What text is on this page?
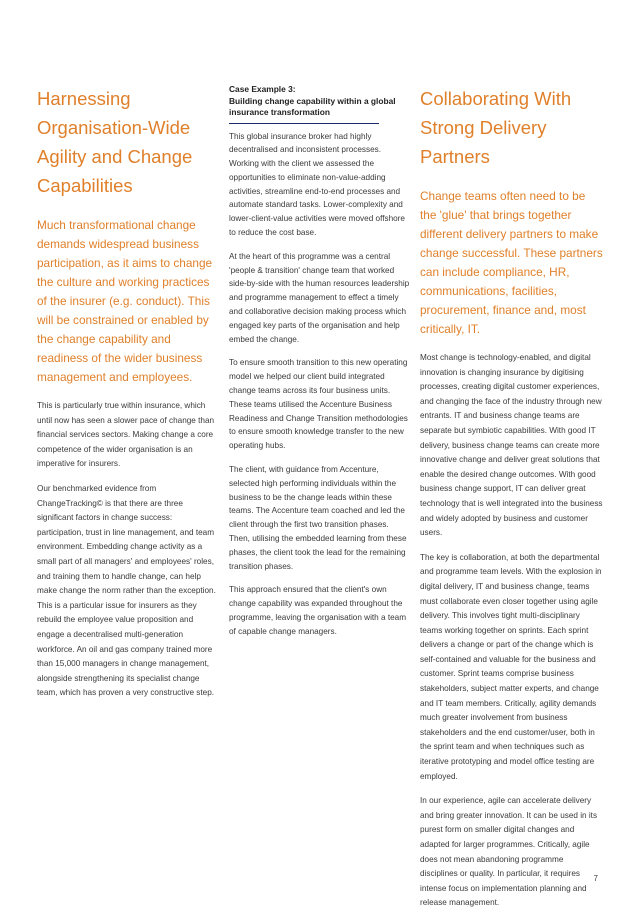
Harnessing Organisation-Wide Agility and Change Capabilities

Much transformational change demands widespread business participation, as it aims to change the culture and working practices of the insurer (e.g. conduct). This will be constrained or enabled by the change capability and readiness of the wider business management and employees.

This is particularly true within insurance, which until now has seen a slower pace of change than financial services sectors. Making change a core competence of the wider organisation is an imperative for insurers.

Our benchmarked evidence from ChangeTracking© is that there are three significant factors in change success: participation, trust in line management, and team environment. Embedding change activity as a small part of all managers' and employees' roles, and training them to handle change, can help make change the norm rather than the exception. This is a particular issue for insurers as they rebuild the employee value proposition and engage a decentralised multi-generation workforce. An oil and gas company trained more than 15,000 managers in change management, alongside strengthening its specialist change team, which has proven a very constructive step.

Case Example 3:

Building change capability within a global insurance transformation

This global insurance broker had highly decentralised and inconsistent processes. Working with the client we assessed the opportunities to eliminate non-value-adding activities, streamline end-to-end processes and automate standard tasks. Lower-complexity and lower-client-value activities were moved offshore to reduce the cost base.

At the heart of this programme was a central 'people & transition' change team that worked side-by-side with the human resources leadership and programme management to effect a timely and collaborative decision making process which engaged key parts of the organisation and help embed the change.

To ensure smooth transition to this new operating model we helped our client build integrated change teams across its four business units. These teams utilised the Accenture Business Readiness and Change Transition methodologies to ensure smooth knowledge transfer to the new operating hubs.

The client, with guidance from Accenture, selected high performing individuals within the business to be the change leads within these teams. The Accenture team coached and led the client through the first two transition phases. Then, utilising the embedded learning from these phases, the client took the lead for the remaining transition phases.

This approach ensured that the client's own change capability was expanded throughout the programme, leaving the organisation with a team of capable change managers.

Collaborating With Strong Delivery Partners

Change teams often need to be the 'glue' that brings together different delivery partners to make change successful. These partners can include compliance, HR, communications, facilities, procurement, finance and, most critically, IT.

Most change is technology-enabled, and digital innovation is changing insurance by digitising processes, creating digital customer experiences, and changing the face of the industry through new entrants. IT and business change teams are separate but symbiotic capabilities. With good IT delivery, business change teams can create more innovative change and deliver great solutions that enable the desired change outcomes. With good business change support, IT can deliver great technology that is well integrated into the business and widely adopted by business and customer users.

The key is collaboration, at both the departmental and programme team levels. With the explosion in digital delivery, IT and business change, teams must collaborate even closer together using agile delivery. This involves tight multi-disciplinary teams working together on sprints. Each sprint delivers a change or part of the change which is self-contained and valuable for the business and customer. Sprint teams comprise business stakeholders, subject matter experts, and change and IT team members. Critically, agility demands much greater involvement from business stakeholders and the end customer/user, both in the sprint team and when techniques such as iterative prototyping and model office testing are employed.

In our experience, agile can accelerate delivery and bring greater innovation. It can be used in its purest form on smaller digital changes and adapted for larger programmes. Critically, agile does not mean abandoning programme disciplines or quality. In particular, it requires intense focus on implementation planning and release management.

7
